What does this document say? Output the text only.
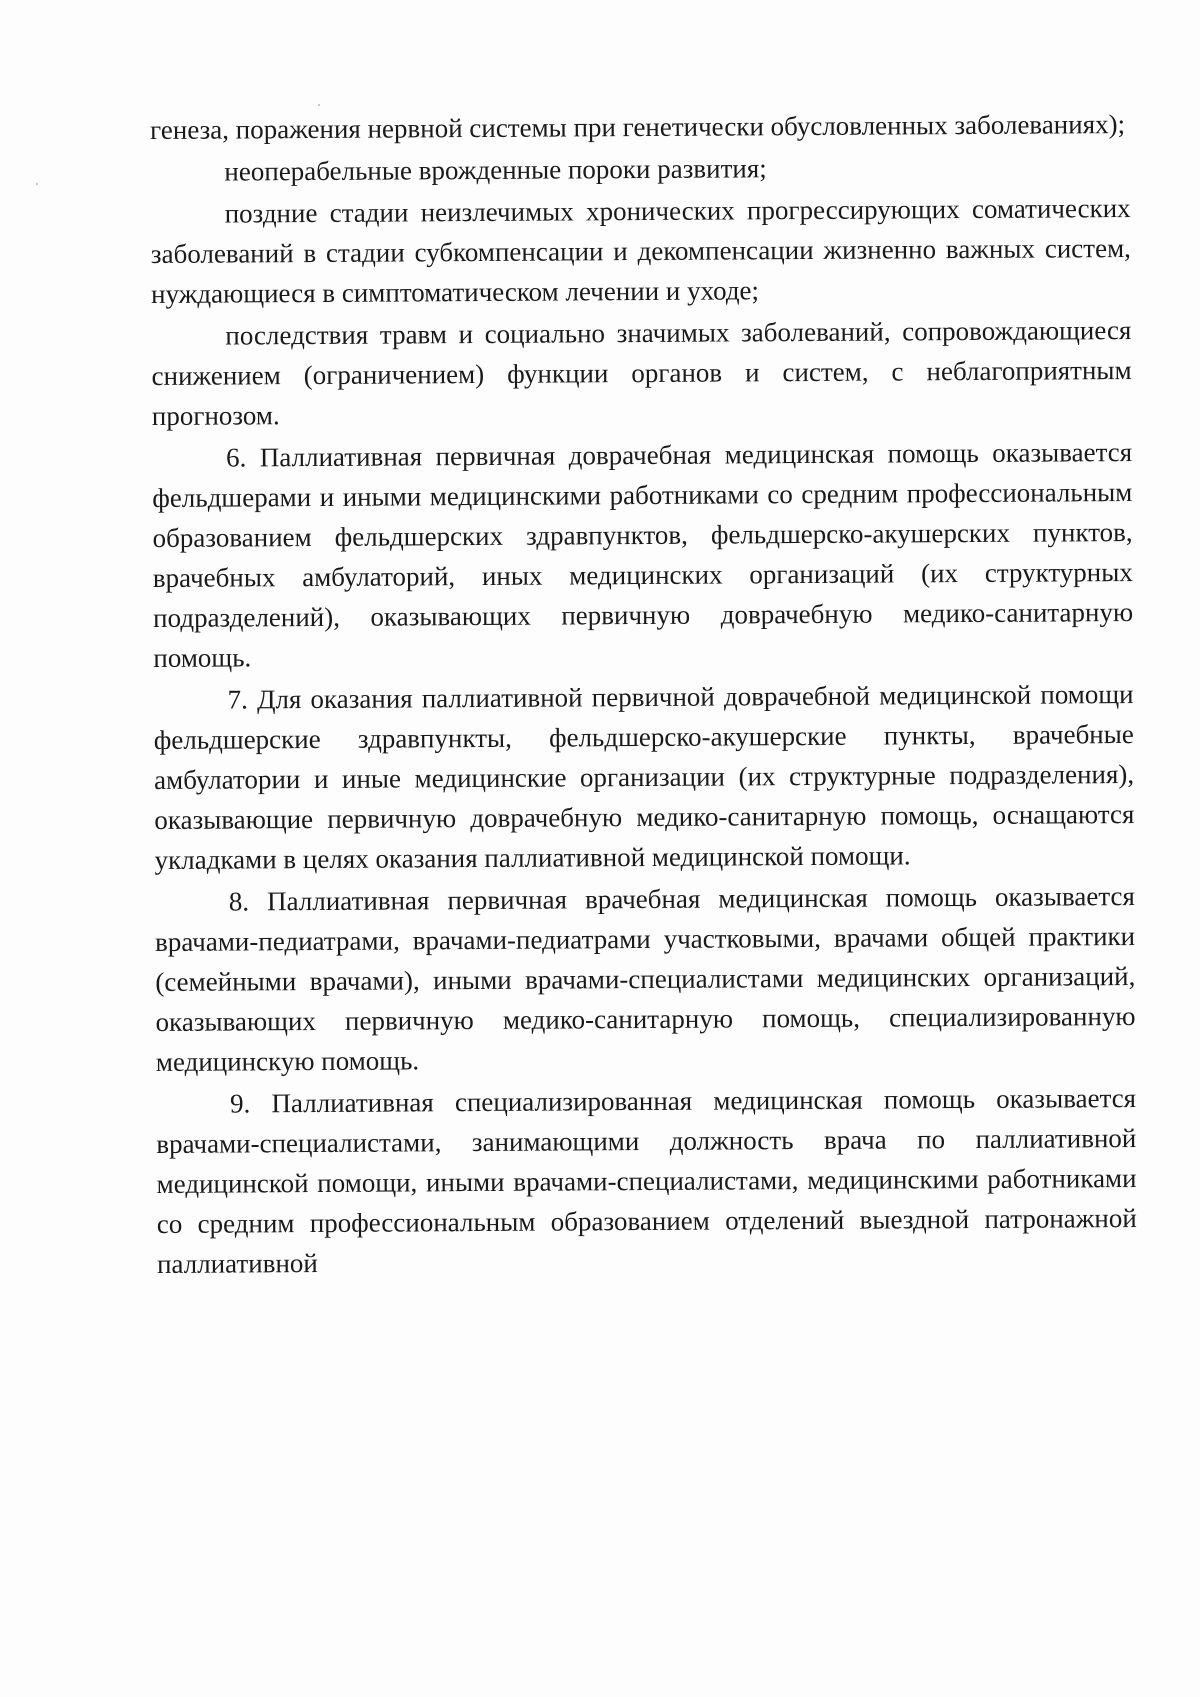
генеза, поражения нервной системы при генетически обусловленных заболеваниях);

неоперабельные врожденные пороки развития;

поздние стадии неизлечимых хронических прогрессирующих соматических заболеваний в стадии субкомпенсации и декомпенсации жизненно важных систем, нуждающиеся в симптоматическом лечении и уходе;

последствия травм и социально значимых заболеваний, сопровождающиеся снижением (ограничением) функции органов и систем, с неблагоприятным прогнозом.

6. Паллиативная первичная доврачебная медицинская помощь оказывается фельдшерами и иными медицинскими работниками со средним профессиональным образованием фельдшерских здравпунктов, фельдшерско-акушерских пунктов, врачебных амбулаторий, иных медицинских организаций (их структурных подразделений), оказывающих первичную доврачебную медико-санитарную помощь.

7. Для оказания паллиативной первичной доврачебной медицинской помощи фельдшерские здравпункты, фельдшерско-акушерские пункты, врачебные амбулатории и иные медицинские организации (их структурные подразделения), оказывающие первичную доврачебную медико-санитарную помощь, оснащаются укладками в целях оказания паллиативной медицинской помощи.

8. Паллиативная первичная врачебная медицинская помощь оказывается врачами-педиатрами, врачами-педиатрами участковыми, врачами общей практики (семейными врачами), иными врачами-специалистами медицинских организаций, оказывающих первичную медико-санитарную помощь, специализированную медицинскую помощь.

9. Паллиативная специализированная медицинская помощь оказывается врачами-специалистами, занимающими должность врача по паллиативной медицинской помощи, иными врачами-специалистами, медицинскими работниками со средним профессиональным образованием отделений выездной патронажной паллиативной
